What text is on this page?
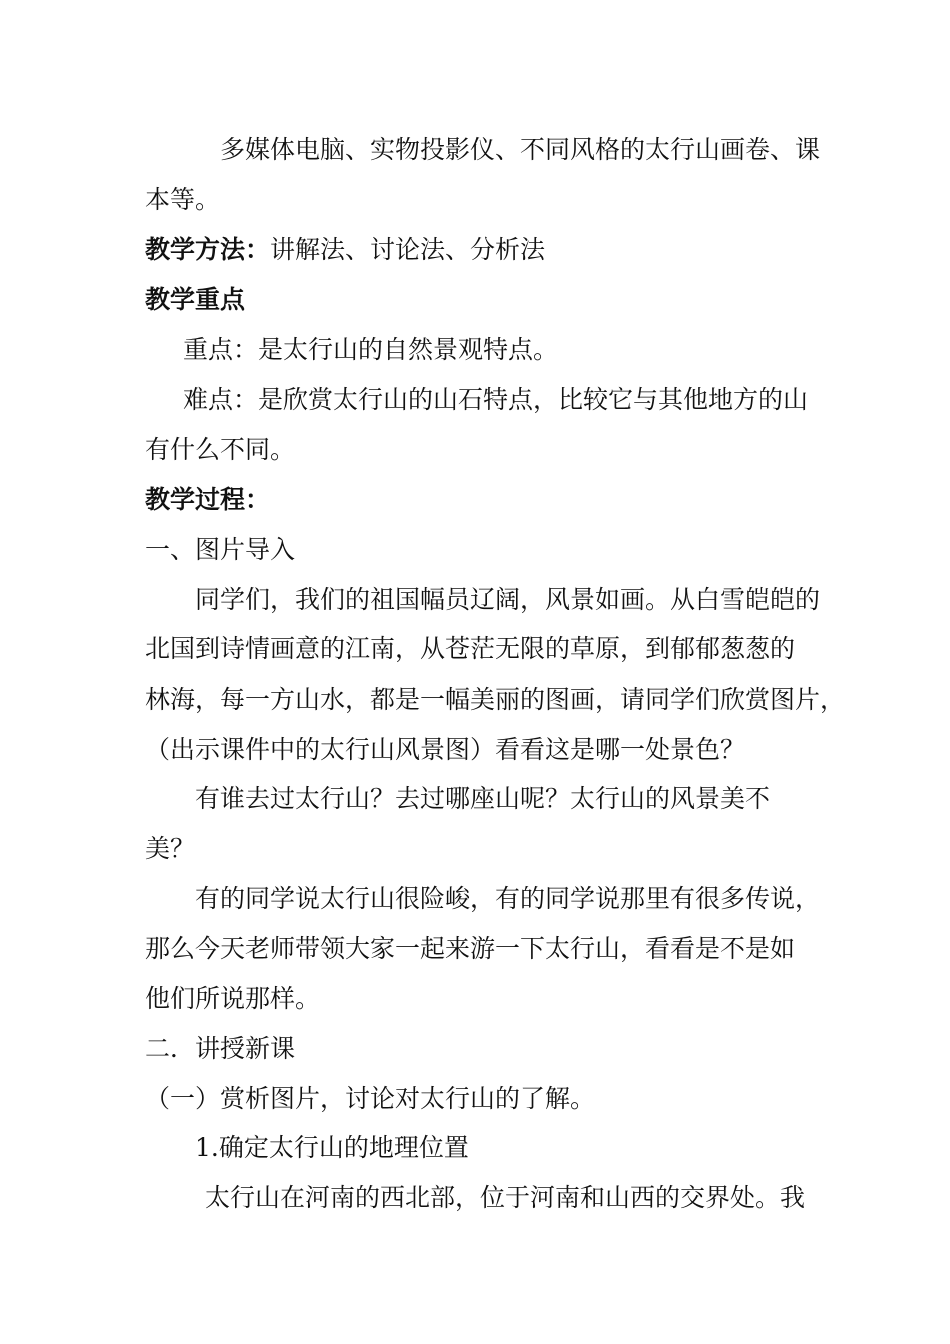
多媒体电脑、实物投影仪、不同风格的太行山画卷、课
本等。
教学方法：讲解法、讨论法、分析法
教学重点
重点：是太行山的自然景观特点。
难点：是欣赏太行山的山石特点，比较它与其他地方的山
有什么不同。
教学过程：
一、图片导入
同学们，我们的祖国幅员辽阔，风景如画。从白雪皑皑的
北国到诗情画意的江南，从苍茫无限的草原，到郁郁葱葱的
林海，每一方山水，都是一幅美丽的图画，请同学们欣赏图片，
（出示课件中的太行山风景图）看看这是哪一处景色？
有谁去过太行山？去过哪座山呢？太行山的风景美不
美？
有的同学说太行山很险峻，有的同学说那里有很多传说，
那么今天老师带领大家一起来游一下太行山，看看是不是如
他们所说那样。
二．讲授新课
（一）赏析图片，讨论对太行山的了解。
1.确定太行山的地理位置
太行山在河南的西北部，位于河南和山西的交界处。我
